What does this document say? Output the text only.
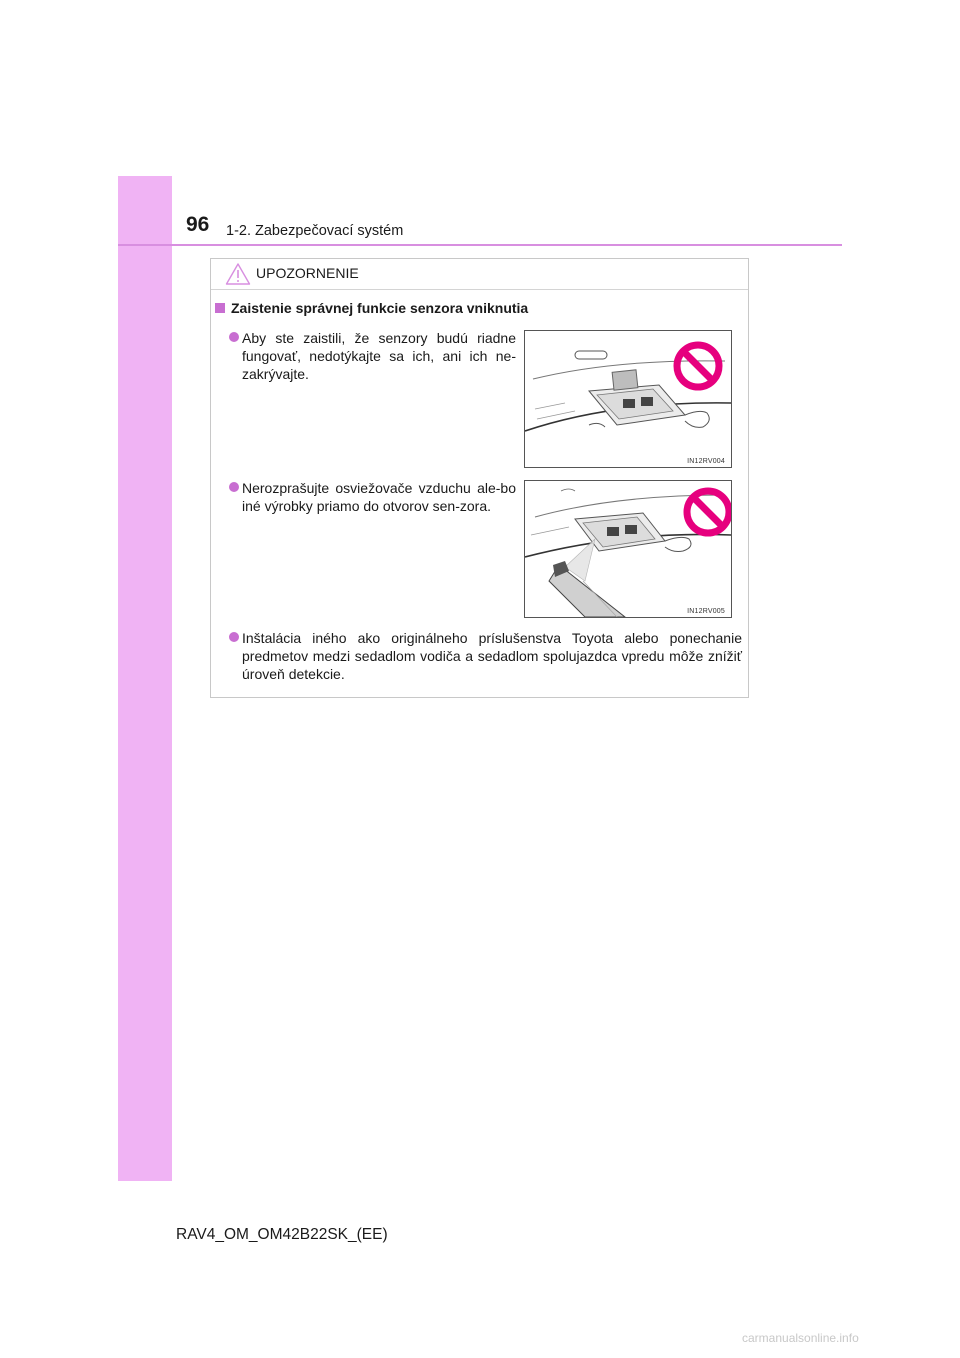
96 1-2. Zabezpečovací systém
UPOZORNENIE
Zaistenie správnej funkcie senzora vniknutia
Aby ste zaistili, že senzory budú riadne fungovať, nedotýkajte sa ich, ani ich ne-zakrývajte.
IN12RV004
Nerozprašujte osviežovače vzduchu ale-bo iné výrobky priamo do otvorov sen-zora.
IN12RV005
Inštalácia iného ako originálneho príslušenstva Toyota alebo ponechanie predmetov medzi sedadlom vodiča a sedadlom spolujazdca vpredu môže znížiť úroveň detekcie.
RAV4_OM_OM42B22SK_(EE)
carmanualsonline.info
